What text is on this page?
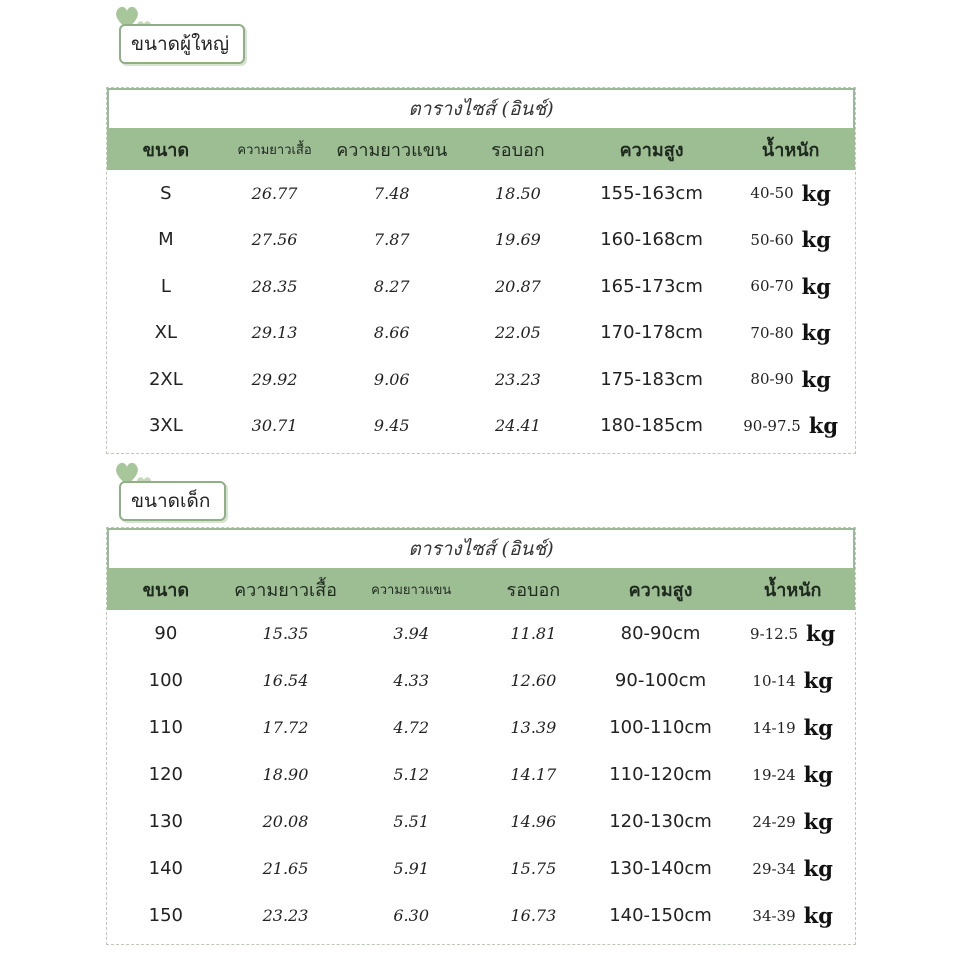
ขนาดผู้ใหญ่
ตารางไซส์ (อินช์)
ขนาด	ความยาวเสื้อ	ความยาวแขน	รอบอก	ความสูง	น้ำหนัก
S	26.77	7.48	18.50	155-163cm	40-50 kg
M	27.56	7.87	19.69	160-168cm	50-60 kg
L	28.35	8.27	20.87	165-173cm	60-70 kg
XL	29.13	8.66	22.05	170-178cm	70-80 kg
2XL	29.92	9.06	23.23	175-183cm	80-90 kg
3XL	30.71	9.45	24.41	180-185cm	90-97.5 kg
ขนาดเด็ก
ตารางไซส์ (อินช์)
ขนาด	ความยาวเสื้อ	ความยาวแขน	รอบอก	ความสูง	น้ำหนัก
90	15.35	3.94	11.81	80-90cm	9-12.5 kg
100	16.54	4.33	12.60	90-100cm	10-14 kg
110	17.72	4.72	13.39	100-110cm	14-19 kg
120	18.90	5.12	14.17	110-120cm	19-24 kg
130	20.08	5.51	14.96	120-130cm	24-29 kg
140	21.65	5.91	15.75	130-140cm	29-34 kg
150	23.23	6.30	16.73	140-150cm	34-39 kg
